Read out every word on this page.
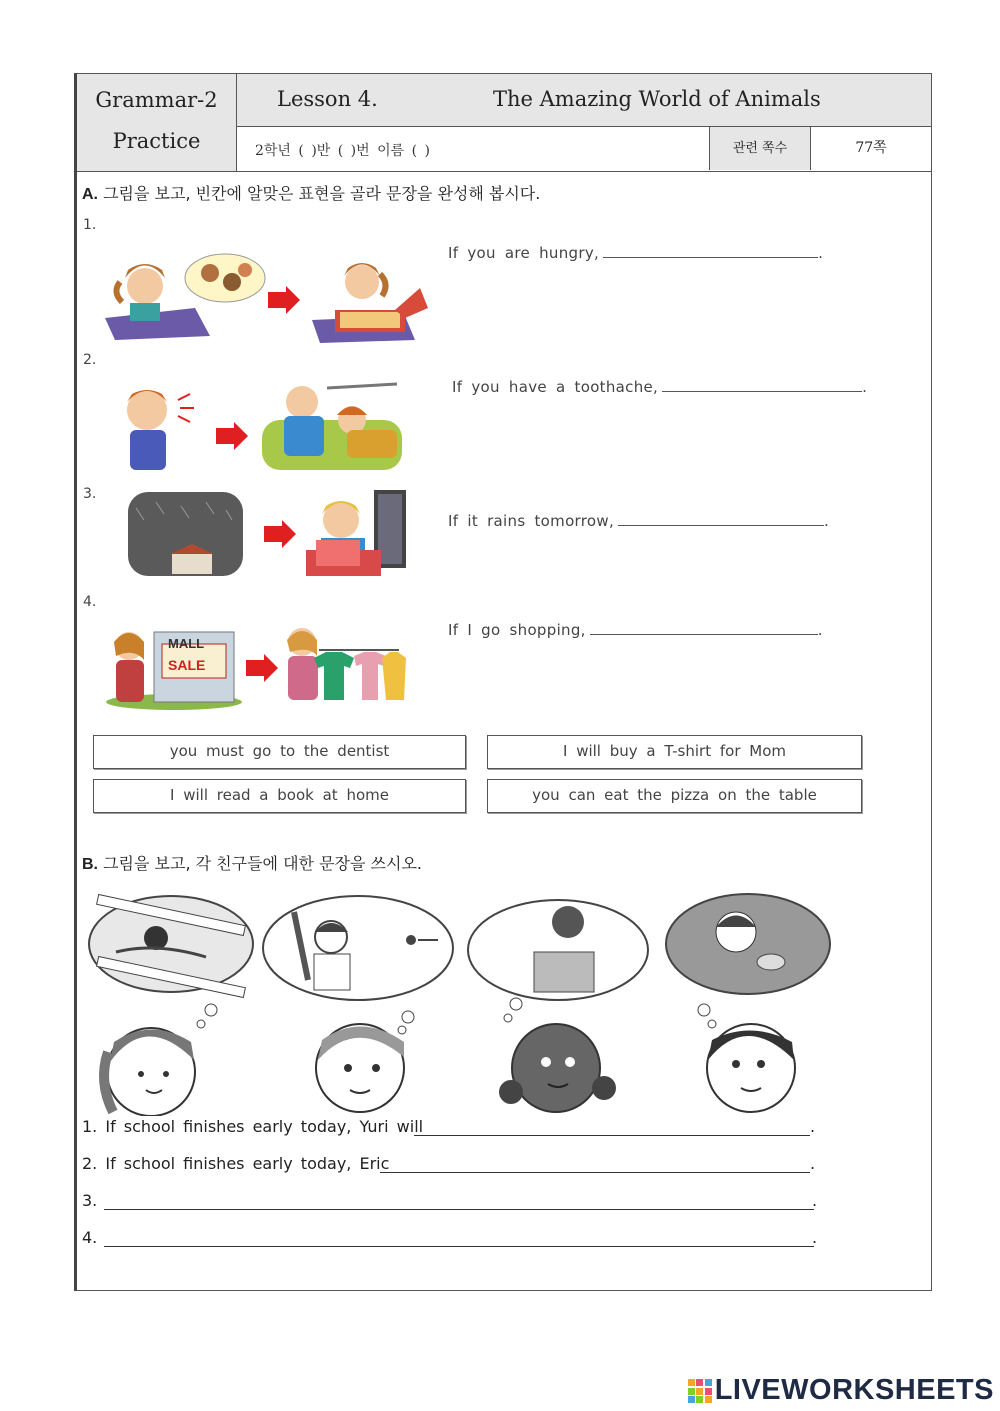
Grammar-2
Practice
Lesson 4.	The Amazing World of Animals
2학년 ( )반 ( )번 이름 ( )	관련 쪽수	77쪽
A. 그림을 보고, 빈칸에 알맞은 표현을 골라 문장을 완성해 봅시다.
1.
2.
3.
4.
MALL
SALE
If you are hungry,	.
If you have a toothache,	.
If it rains tomorrow,	.
If I go shopping,	.
you must go to the dentist	I will buy a T-shirt for Mom
I will read a book at home	you can eat the pizza on the table
B. 그림을 보고, 각 친구들에 대한 문장을 쓰시오.
1. If school finishes early today, Yuri will	.
2. If school finishes early today, Eric	.
3.	.
4.	.
LIVEWORKSHEETS
